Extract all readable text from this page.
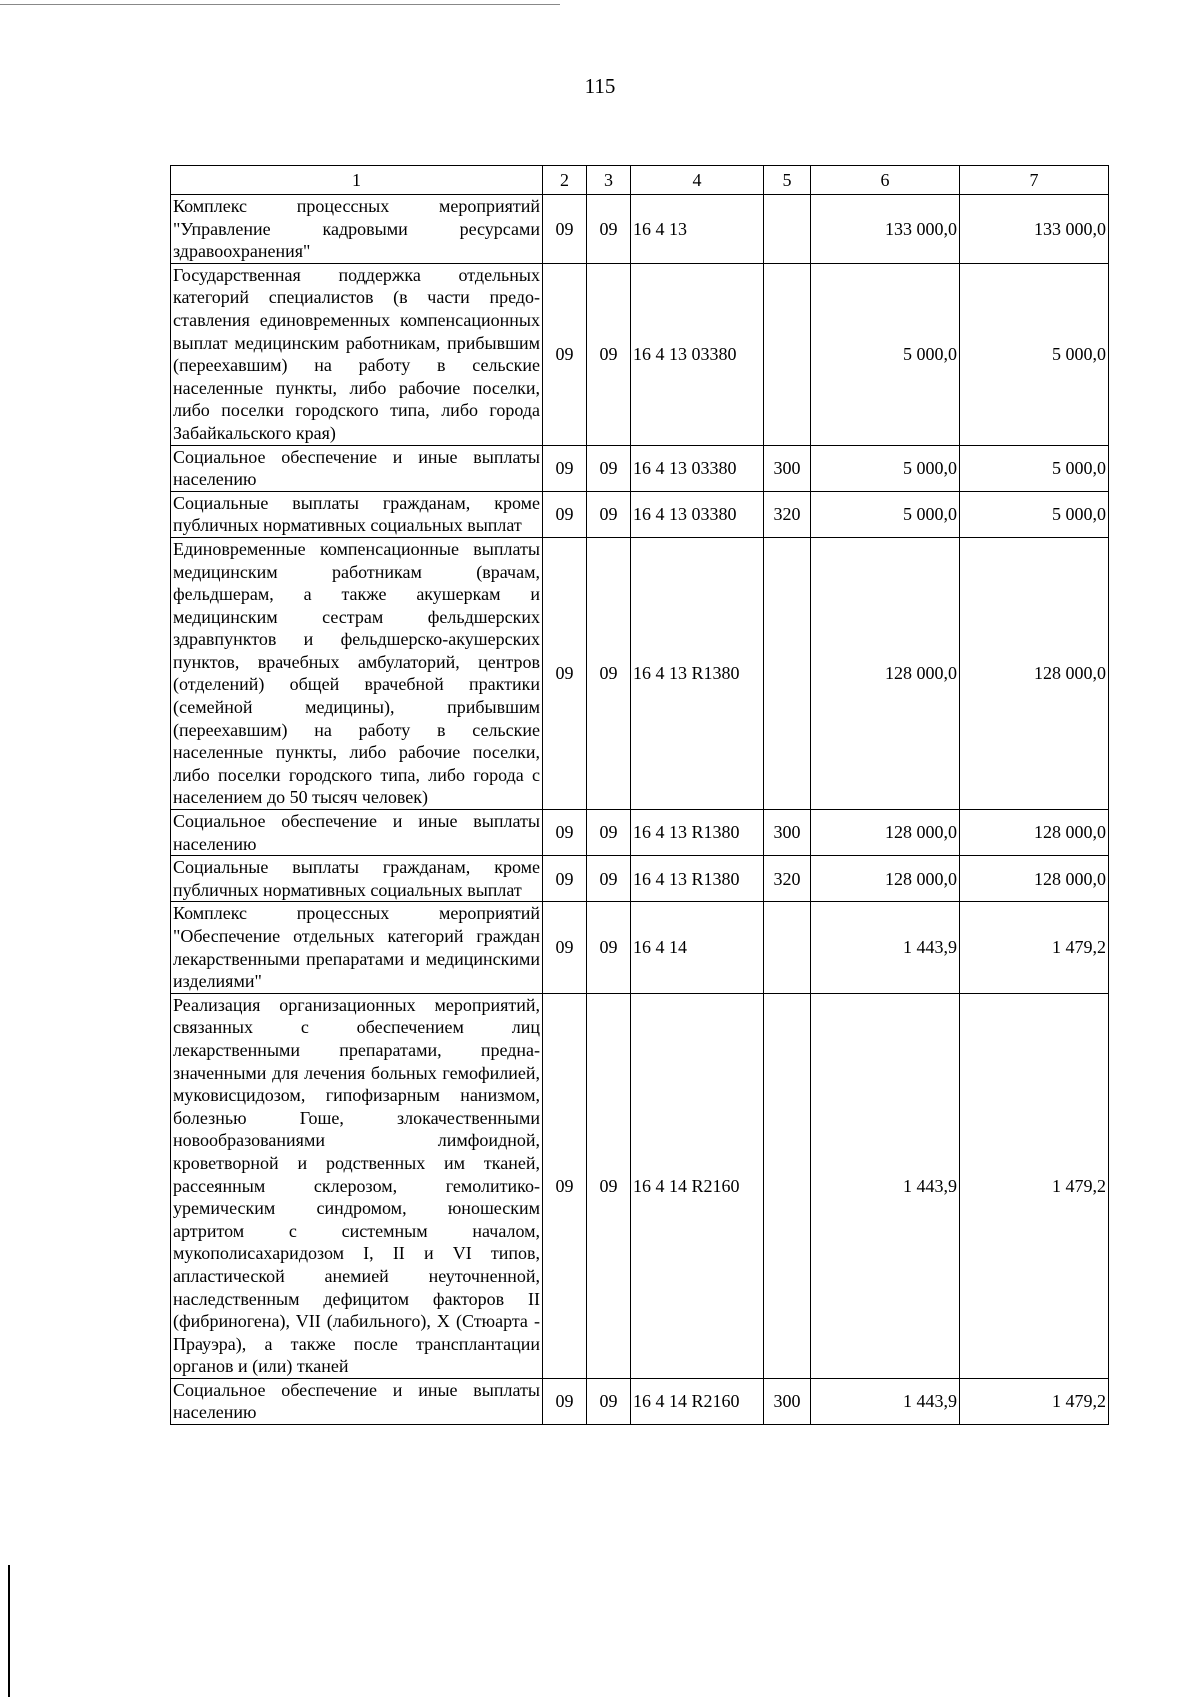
115
1	2	3	4	5	6	7
Комплекс процессных мероприятий "Управление кадровыми ресурсами здравоохранения"	09	09	16 4 13		133 000,0	133 000,0
Государственная поддержка отдельных категорий специалистов (в части предоставления единовременных компенсационных выплат медицинским работникам, прибывшим (переехавшим) на работу в сельские населенные пункты, либо рабочие поселки, либо поселки городского типа, либо города Забайкальского края)	09	09	16 4 13 03380		5 000,0	5 000,0
Социальное обеспечение и иные выплаты населению	09	09	16 4 13 03380	300	5 000,0	5 000,0
Социальные выплаты гражданам, кроме публичных нормативных социальных выплат	09	09	16 4 13 03380	320	5 000,0	5 000,0
Единовременные компенсационные выплаты медицинским работникам (врачам, фельдшерам, а также акушеркам и медицинским сестрам фельдшерских здравпунктов и фельдшерско-акушерских пунктов, врачебных амбулаторий, центров (отделений) общей врачебной практики (семейной медицины), прибывшим (переехавшим) на работу в сельские населенные пункты, либо рабочие поселки, либо поселки городского типа, либо города с населением до 50 тысяч человек)	09	09	16 4 13 R1380		128 000,0	128 000,0
Социальное обеспечение и иные выплаты населению	09	09	16 4 13 R1380	300	128 000,0	128 000,0
Социальные выплаты гражданам, кроме публичных нормативных социальных выплат	09	09	16 4 13 R1380	320	128 000,0	128 000,0
Комплекс процессных мероприятий "Обеспечение отдельных категорий граждан лекарственными препаратами и медицинскими изделиями"	09	09	16 4 14		1 443,9	1 479,2
Реализация организационных мероприятий, связанных с обеспечением лиц лекарственными препаратами, предназначенными для лечения больных гемофилией, муковисцидозом, гипофизарным нанизмом, болезнью Гоше, злокачественными новообразованиями лимфоидной, кроветворной и родственных им тканей, рассеянным склерозом, гемолитико-уремическим синдромом, юношеским артритом с системным началом, мукополисахаридозом I, II и VI типов, апластической анемией неуточненной, наследственным дефицитом факторов II (фибриногена), VII (лабильного), X (Стюарта - Прауэра), а также после трансплантации органов и (или) тканей	09	09	16 4 14 R2160		1 443,9	1 479,2
Социальное обеспечение и иные выплаты населению	09	09	16 4 14 R2160	300	1 443,9	1 479,2
